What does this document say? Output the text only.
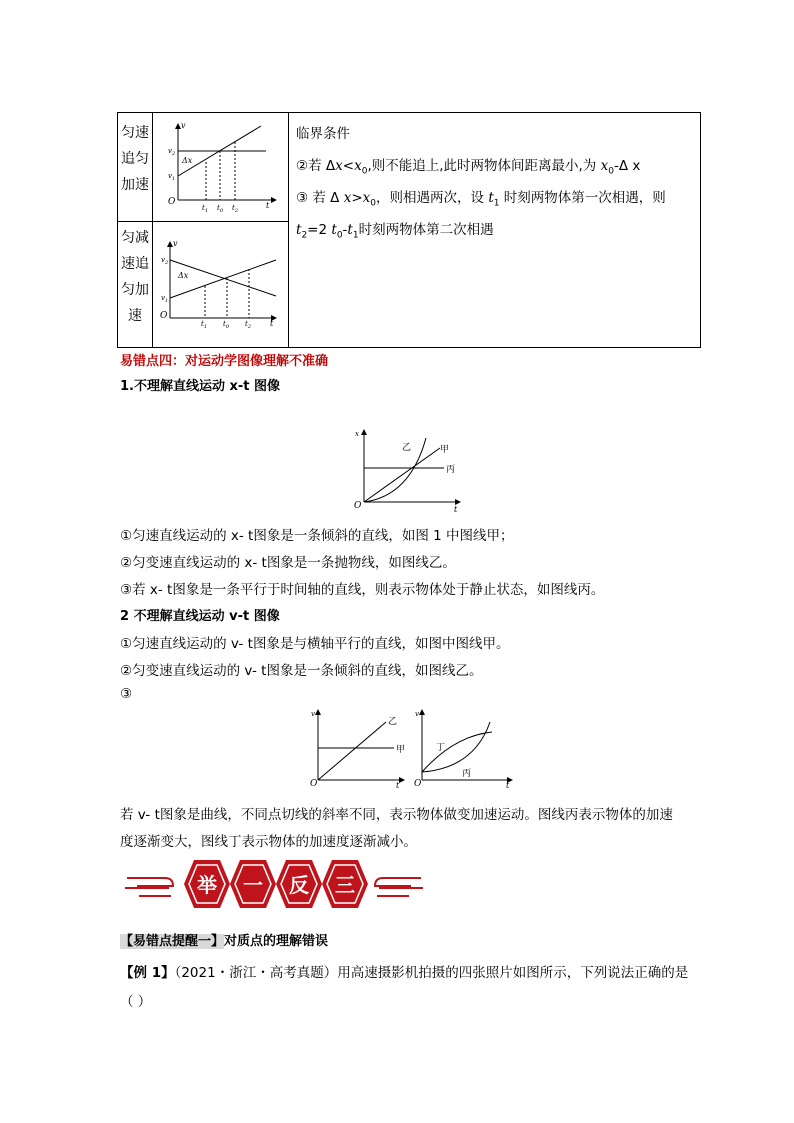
匀速
追匀
加速
匀减
速追
匀加
速
v
$v_2$
$v_1$
Δx
O
$t_1$ $t_0$ $t_2$
t
v
$v_2$
$v_1$
Δx
O
$t_1$ $t_0$ $t_2$ t
临界条件
②若 $\Delta x<x_0$,则不能追上,此时两物体间距离最小,为 $x_0-\Delta$ x
③ 若 Δ $x>x_0$，则相遇两次，设 $t_1$ 时刻两物体第一次相遇，则
$t_2=2$ $t_0-t_1$时刻两物体第二次相遇
易错点四：对运动学图像理解不准确
1.不理解直线运动 x-t 图像
x
O	t
乙	甲
丙
①匀速直线运动的 x- t图象是一条倾斜的直线，如图 1 中图线甲；
②匀变速直线运动的 x- t图象是一条抛物线，如图线乙。
③若 x- t图象是一条平行于时间轴的直线，则表示物体处于静止状态，如图线丙。
2 不理解直线运动 v-t 图像
①匀速直线运动的 v- t图象是与横轴平行的直线，如图中图线甲。
②匀变速直线运动的 v- t图象是一条倾斜的直线，如图线乙。
③
v
O	t
乙
甲
v
O	t
丁
丙
若 v- t图象是曲线，不同点切线的斜率不同，表示物体做变加速运动。图线丙表示物体的加速
度逐渐变大，图线丁表示物体的加速度逐渐减小。
举 一 反 三
【易错点提醒一】对质点的理解错误
【例 1】（2021・浙江・高考真题）用高速摄影机拍摄的四张照片如图所示，下列说法正确的是
（ ）
